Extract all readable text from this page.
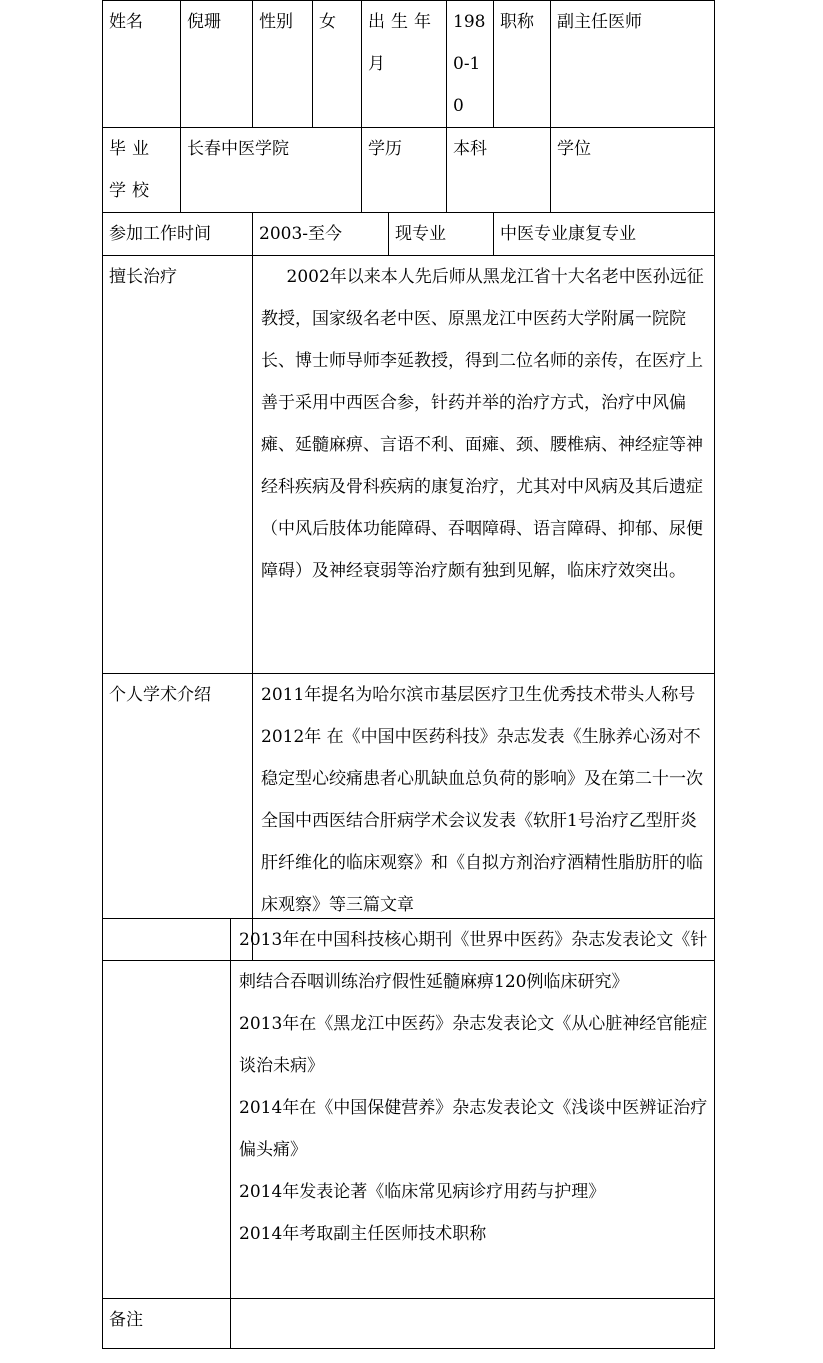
姓名	倪珊	性别	女	出生年月		1980-10	职称	副主任医师
毕业学校	长春中医学院			学历		本科		学位
参加工作时间		2003-至今			现专业		中医专业康复专业	
擅长治疗		2002年以来本人先后师从黑龙江省十大名老中医孙远征教授，国家级名老中医、原黑龙江中医药大学附属一院院长、博士师导师李延教授，得到二位名师的亲传，在医疗上善于采用中西医合参，针药并举的治疗方式，治疗中风偏瘫、延髓麻痹、言语不利、面瘫、颈、腰椎病、神经症等神经科疾病及骨科疾病的康复治疗，尤其对中风病及其后遗症（中风后肢体功能障碍、吞咽障碍、语言障碍、抑郁、尿便障碍）及神经衰弱等治疗颇有独到见解，临床疗效突出。						

个人学术介绍		2011年提名为哈尔滨市基层医疗卫生优秀技术带头人称号
2012年 在《中国中医药科技》杂志发表《生脉养心汤对不稳定型心绞痛患者心肌缺血总负荷的影响》及在第二十一次全国中西医结合肝病学术会议发表《软肝1号治疗乙型肝炎肝纤维化的临床观察》和《自拟方剂治疗酒精性脂肪肝的临床观察》等三篇文章						

	2013年在中国科技核心期刊《世界中医药》杂志发表论文《针刺结合吞咽训练治疗假性延髓麻痹120例临床研究》
2013年在《黑龙江中医药》杂志发表论文《从心脏神经官能症谈治未病》
2014年在《中国保健营养》杂志发表论文《浅谈中医辨证治疗偏头痛》
2014年发表论著《临床常见病诊疗用药与护理》
2014年考取副主任医师技术职称

备注	
